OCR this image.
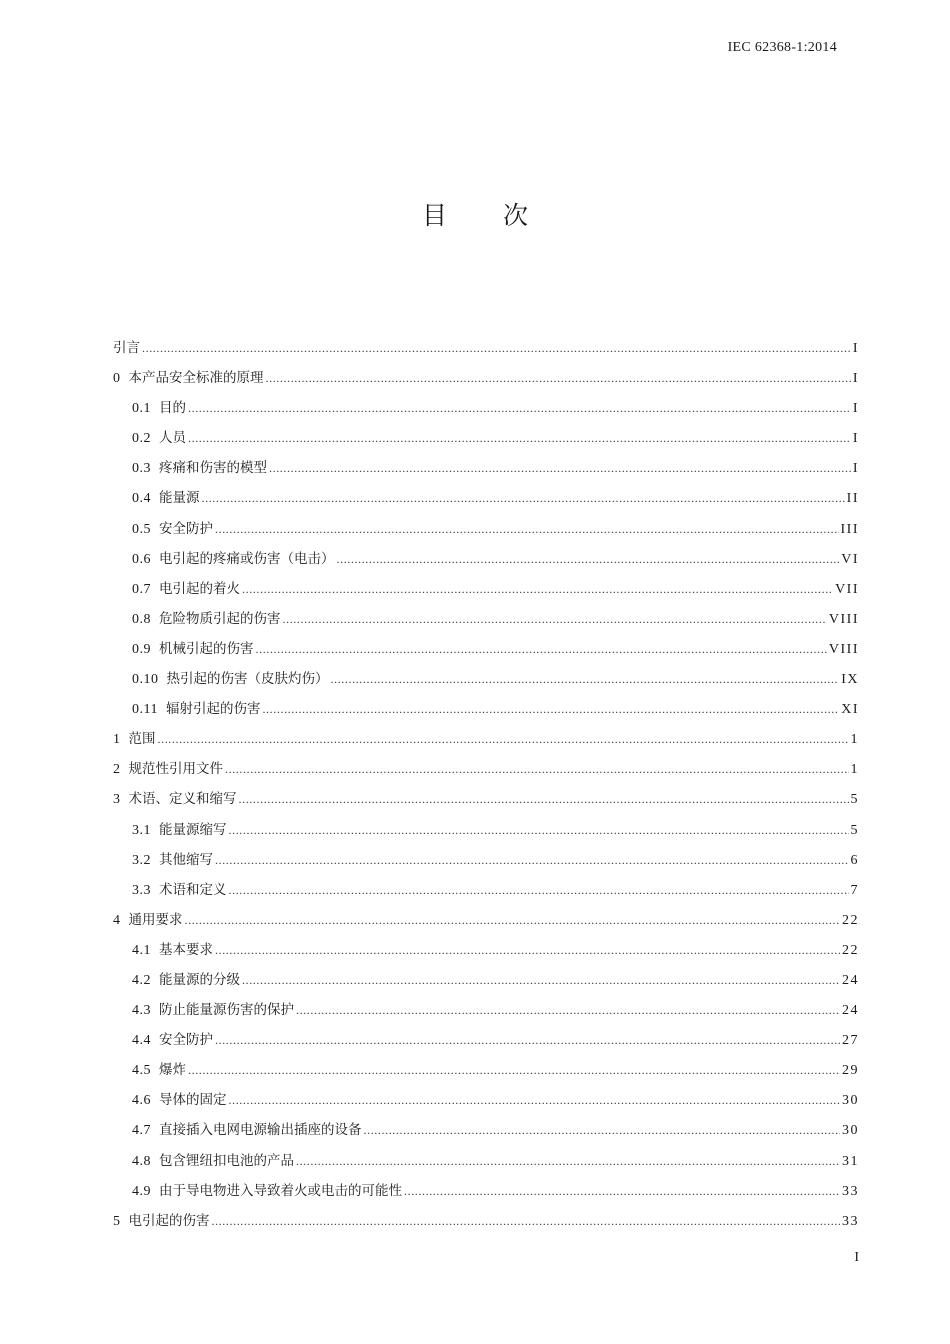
IEC 62368-1:2014
目 次
引言 .....	I
0 本产品安全标准的原理 .....	I
0.1 目的 .....	I
0.2 人员 .....	I
0.3 疼痛和伤害的模型 .....	I
0.4 能量源 .....	II
0.5 安全防护 .....	III
0.6 电引起的疼痛或伤害（电击） .....	VI
0.7 电引起的着火 .....	VII
0.8 危险物质引起的伤害 .....	VIII
0.9 机械引起的伤害 .....	VIII
0.10 热引起的伤害（皮肤灼伤） .....	IX
0.11 辐射引起的伤害 .....	XI
1 范围 .....	1
2 规范性引用文件 .....	1
3 术语、定义和缩写 .....	5
3.1 能量源缩写 .....	5
3.2 其他缩写 .....	6
3.3 术语和定义 .....	7
4 通用要求 .....	22
4.1 基本要求 .....	22
4.2 能量源的分级 .....	24
4.3 防止能量源伤害的保护 .....	24
4.4 安全防护 .....	27
4.5 爆炸 .....	29
4.6 导体的固定 .....	30
4.7 直接插入电网电源输出插座的设备 .....	30
4.8 包含锂纽扣电池的产品 .....	31
4.9 由于导电物进入导致着火或电击的可能性 .....	33
5 电引起的伤害 .....	33
I
